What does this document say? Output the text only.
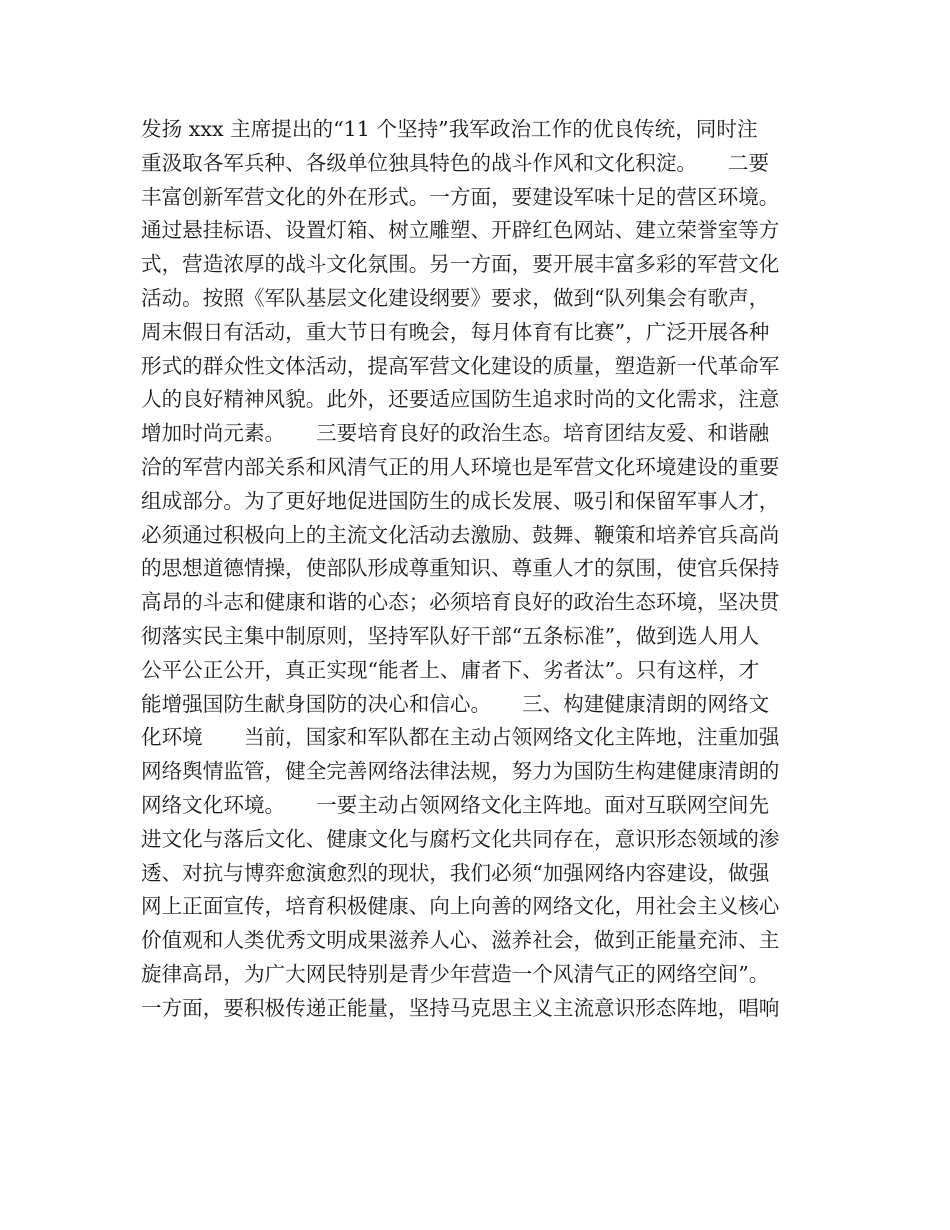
发扬 xxx 主席提出的“11 个坚持”我军政治工作的优良传统，同时注
重汲取各军兵种、各级单位独具特色的战斗作风和文化积淀。　　二要
丰富创新军营文化的外在形式。一方面，要建设军味十足的营区环境。
通过悬挂标语、设置灯箱、树立雕塑、开辟红色网站、建立荣誉室等方
式，营造浓厚的战斗文化氛围。另一方面，要开展丰富多彩的军营文化
活动。按照《军队基层文化建设纲要》要求，做到“队列集会有歌声，
周末假日有活动，重大节日有晚会，每月体育有比赛”，广泛开展各种
形式的群众性文体活动，提高军营文化建设的质量，塑造新一代革命军
人的良好精神风貌。此外，还要适应国防生追求时尚的文化需求，注意
增加时尚元素。　　三要培育良好的政治生态。培育团结友爱、和谐融
洽的军营内部关系和风清气正的用人环境也是军营文化环境建设的重要
组成部分。为了更好地促进国防生的成长发展、吸引和保留军事人才，
必须通过积极向上的主流文化活动去激励、鼓舞、鞭策和培养官兵高尚
的思想道德情操，使部队形成尊重知识、尊重人才的氛围，使官兵保持
高昂的斗志和健康和谐的心态；必须培育良好的政治生态环境，坚决贯
彻落实民主集中制原则，坚持军队好干部“五条标准”，做到选人用人
公平公正公开，真正实现“能者上、庸者下、劣者汰”。只有这样，才
能增强国防生献身国防的决心和信心。　　三、构建健康清朗的网络文
化环境　　当前，国家和军队都在主动占领网络文化主阵地，注重加强
网络舆情监管，健全完善网络法律法规，努力为国防生构建健康清朗的
网络文化环境。　　一要主动占领网络文化主阵地。面对互联网空间先
进文化与落后文化、健康文化与腐朽文化共同存在，意识形态领域的渗
透、对抗与博弈愈演愈烈的现状，我们必须“加强网络内容建设，做强
网上正面宣传，培育积极健康、向上向善的网络文化，用社会主义核心
价值观和人类优秀文明成果滋养人心、滋养社会，做到正能量充沛、主
旋律高昂，为广大网民特别是青少年营造一个风清气正的网络空间”。
一方面，要积极传递正能量，坚持马克思主义主流意识形态阵地，唱响
